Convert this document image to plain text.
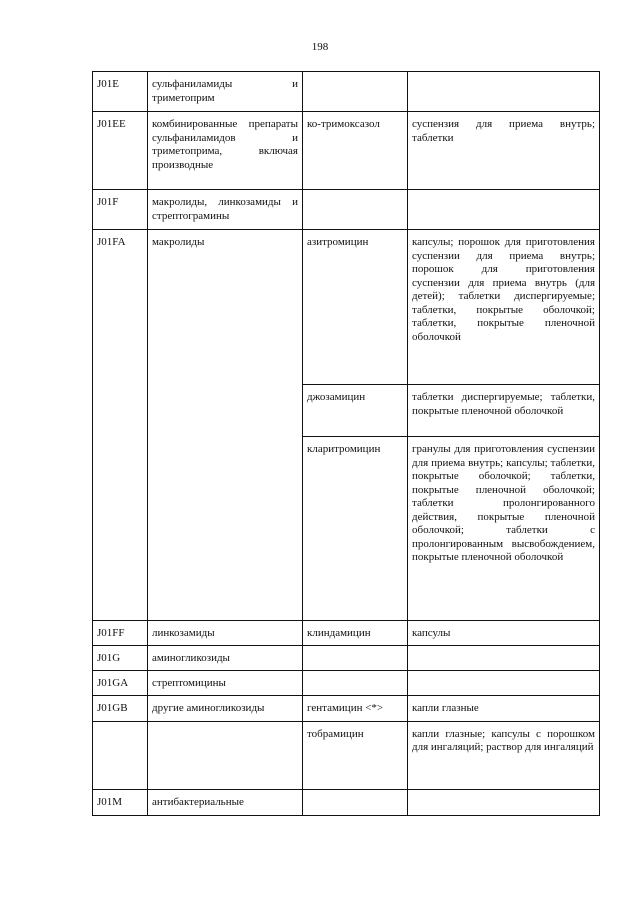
198
J01E	сульфаниламиды и триметоприм		
J01EE	комбинированные препараты сульфаниламидов и триметоприма, включая производные	ко-тримоксазол	суспензия для приема внутрь; таблетки
J01F	макролиды, линкозамиды и стрептограмины		
J01FA	макролиды	азитромицин	капсулы; порошок для приготовления суспензии для приема внутрь; порошок для приготовления суспензии для приема внутрь (для детей); таблетки диспергируемые; таблетки, покрытые оболочкой; таблетки, покрытые пленочной оболочкой
		джозамицин	таблетки диспергируемые; таблетки, покрытые пленочной оболочкой
		кларитромицин	гранулы для приготовления суспензии для приема внутрь; капсулы; таблетки, покрытые оболочкой; таблетки, покрытые пленочной оболочкой; таблетки пролонгированного действия, покрытые пленочной оболочкой; таблетки с пролонгированным высвобождением, покрытые пленочной оболочкой
J01FF	линкозамиды	клиндамицин	капсулы
J01G	аминогликозиды		
J01GA	стрептомицины		
J01GB	другие аминогликозиды	гентамицин <*>	капли глазные
		тобрамицин	капли глазные; капсулы с порошком для ингаляций; раствор для ингаляций
J01M	антибактериальные		
